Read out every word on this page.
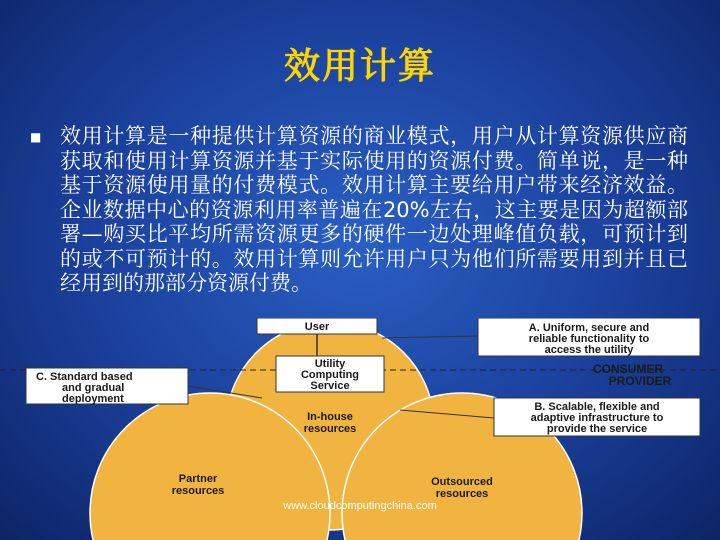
效用计算
■ 效用计算是一种提供计算资源的商业模式，用户从计算资源供应商获取和使用计算资源并基于实际使用的资源付费。简单说，是一种基于资源使用量的付费模式。效用计算主要给用户带来经济效益。企业数据中心的资源利用率普遍在20%左右，这主要是因为超额部署—购买比平均所需资源更多的硬件一边处理峰值负载，可预计到的或不可预计的。效用计算则允许用户只为他们所需要用到并且已经用到的那部分资源付费。
User	A. Uniform, secure and
reliable functionality to
access the utility
C. Standard based
and gradual
deployment
CONSUMER
PROVIDER
Utility
Computing
Service
B. Scalable, flexible and
adaptive infrastructure to
provide the service
In-house
resources
Partner
resources
Outsourced
resources
www.cloudcomputingchina.com
